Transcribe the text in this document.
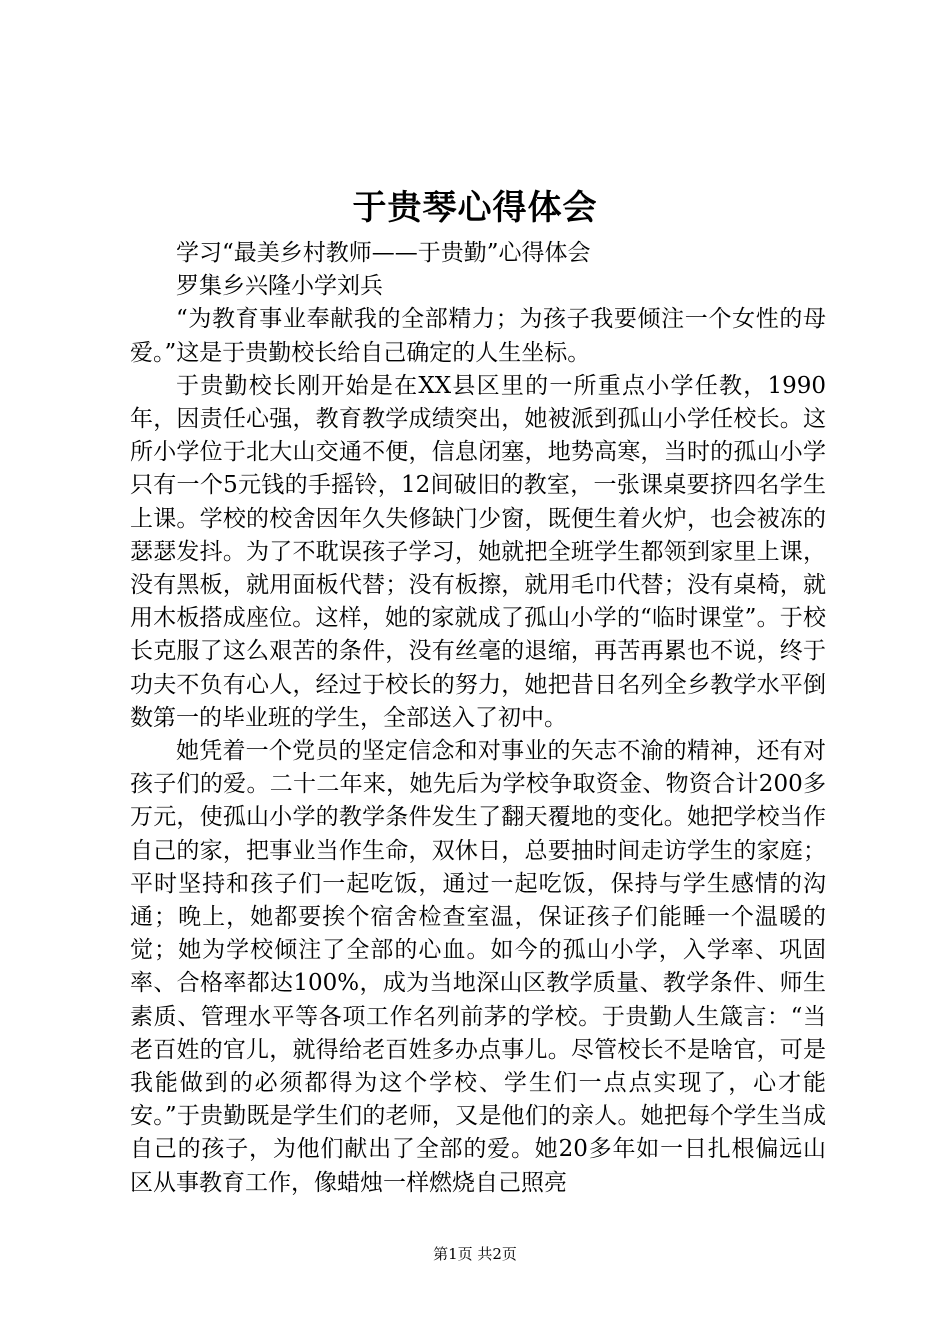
于贵琴心得体会

学习“最美乡村教师——于贵勤”心得体会

罗集乡兴隆小学刘兵

“为教育事业奉献我的全部精力；为孩子我要倾注一个女性的母爱。”这是于贵勤校长给自己确定的人生坐标。

于贵勤校长刚开始是在XX县区里的一所重点小学任教，1990年，因责任心强，教育教学成绩突出，她被派到孤山小学任校长。这所小学位于北大山交通不便，信息闭塞，地势高寒，当时的孤山小学只有一个5元钱的手摇铃，12间破旧的教室，一张课桌要挤四名学生上课。学校的校舍因年久失修缺门少窗，既便生着火炉，也会被冻的瑟瑟发抖。为了不耽误孩子学习，她就把全班学生都领到家里上课，没有黑板，就用面板代替；没有板擦，就用毛巾代替；没有桌椅，就用木板搭成座位。这样，她的家就成了孤山小学的“临时课堂”。于校长克服了这么艰苦的条件，没有丝毫的退缩，再苦再累也不说，终于功夫不负有心人，经过于校长的努力，她把昔日名列全乡教学水平倒数第一的毕业班的学生，全部送入了初中。

她凭着一个党员的坚定信念和对事业的矢志不渝的精神，还有对孩子们的爱。二十二年来，她先后为学校争取资金、物资合计200多万元，使孤山小学的教学条件发生了翻天覆地的变化。她把学校当作自己的家，把事业当作生命，双休日，总要抽时间走访学生的家庭；平时坚持和孩子们一起吃饭，通过一起吃饭，保持与学生感情的沟通；晚上，她都要挨个宿舍检查室温，保证孩子们能睡一个温暖的觉；她为学校倾注了全部的心血。如今的孤山小学，入学率、巩固率、合格率都达100%，成为当地深山区教学质量、教学条件、师生素质、管理水平等各项工作名列前茅的学校。于贵勤人生箴言：“当老百姓的官儿，就得给老百姓多办点事儿。尽管校长不是啥官，可是我能做到的必须都得为这个学校、学生们一点点实现了，心才能安。”于贵勤既是学生们的老师，又是他们的亲人。她把每个学生当成自己的孩子，为他们献出了全部的爱。她20多年如一日扎根偏远山区从事教育工作，像蜡烛一样燃烧自己照亮

第1页 共2页
